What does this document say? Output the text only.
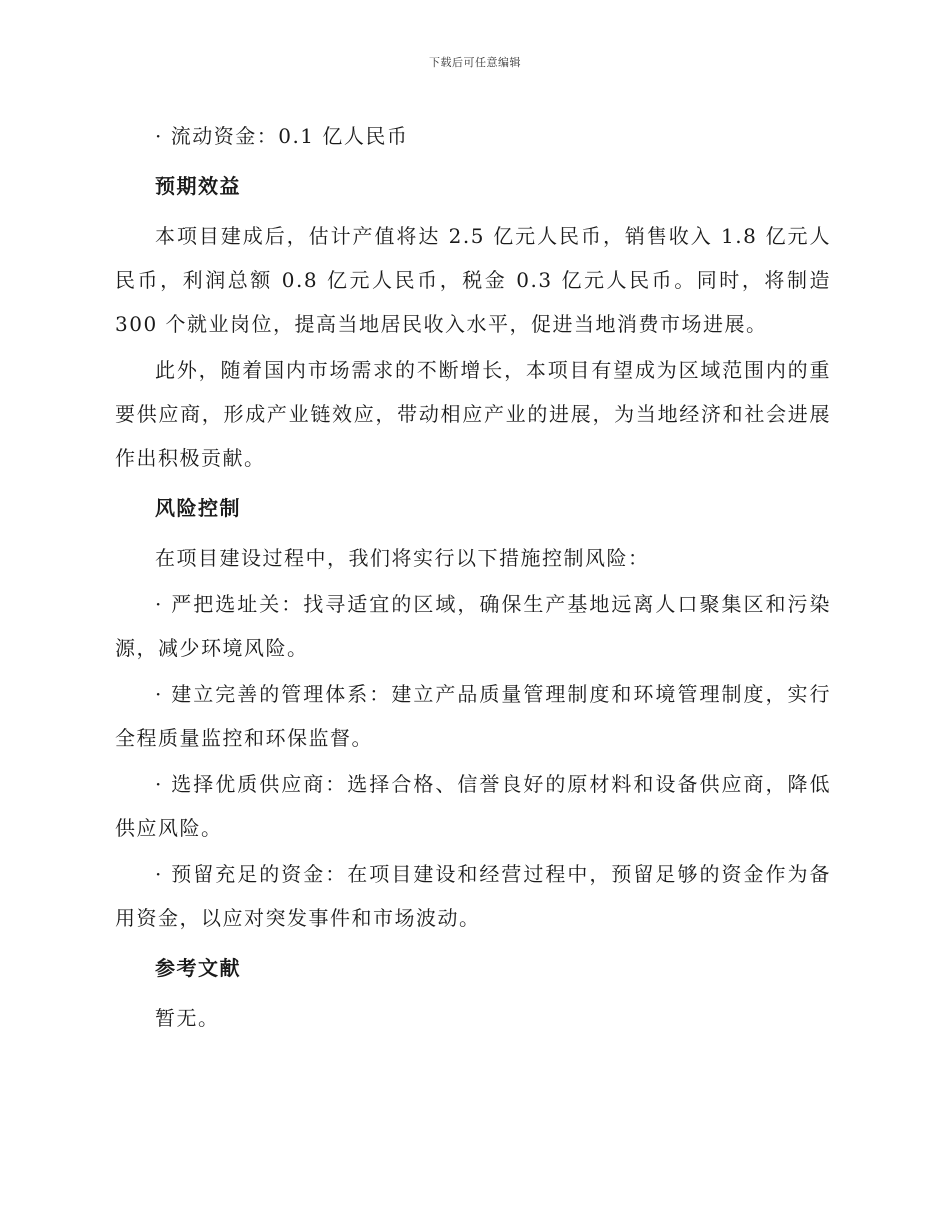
下载后可任意编辑

· 流动资金：0.1 亿人民币

预期效益

本项目建成后，估计产值将达 2.5 亿元人民币，销售收入 1.8 亿元人民币，利润总额 0.8 亿元人民币，税金 0.3 亿元人民币。同时，将制造 300 个就业岗位，提高当地居民收入水平，促进当地消费市场进展。

此外，随着国内市场需求的不断增长，本项目有望成为区域范围内的重要供应商，形成产业链效应，带动相应产业的进展，为当地经济和社会进展作出积极贡献。

风险控制

在项目建设过程中，我们将实行以下措施控制风险：

· 严把选址关：找寻适宜的区域，确保生产基地远离人口聚集区和污染源，减少环境风险。

· 建立完善的管理体系：建立产品质量管理制度和环境管理制度，实行全程质量监控和环保监督。

· 选择优质供应商：选择合格、信誉良好的原材料和设备供应商，降低供应风险。

· 预留充足的资金：在项目建设和经营过程中，预留足够的资金作为备用资金，以应对突发事件和市场波动。

参考文献

暂无。
